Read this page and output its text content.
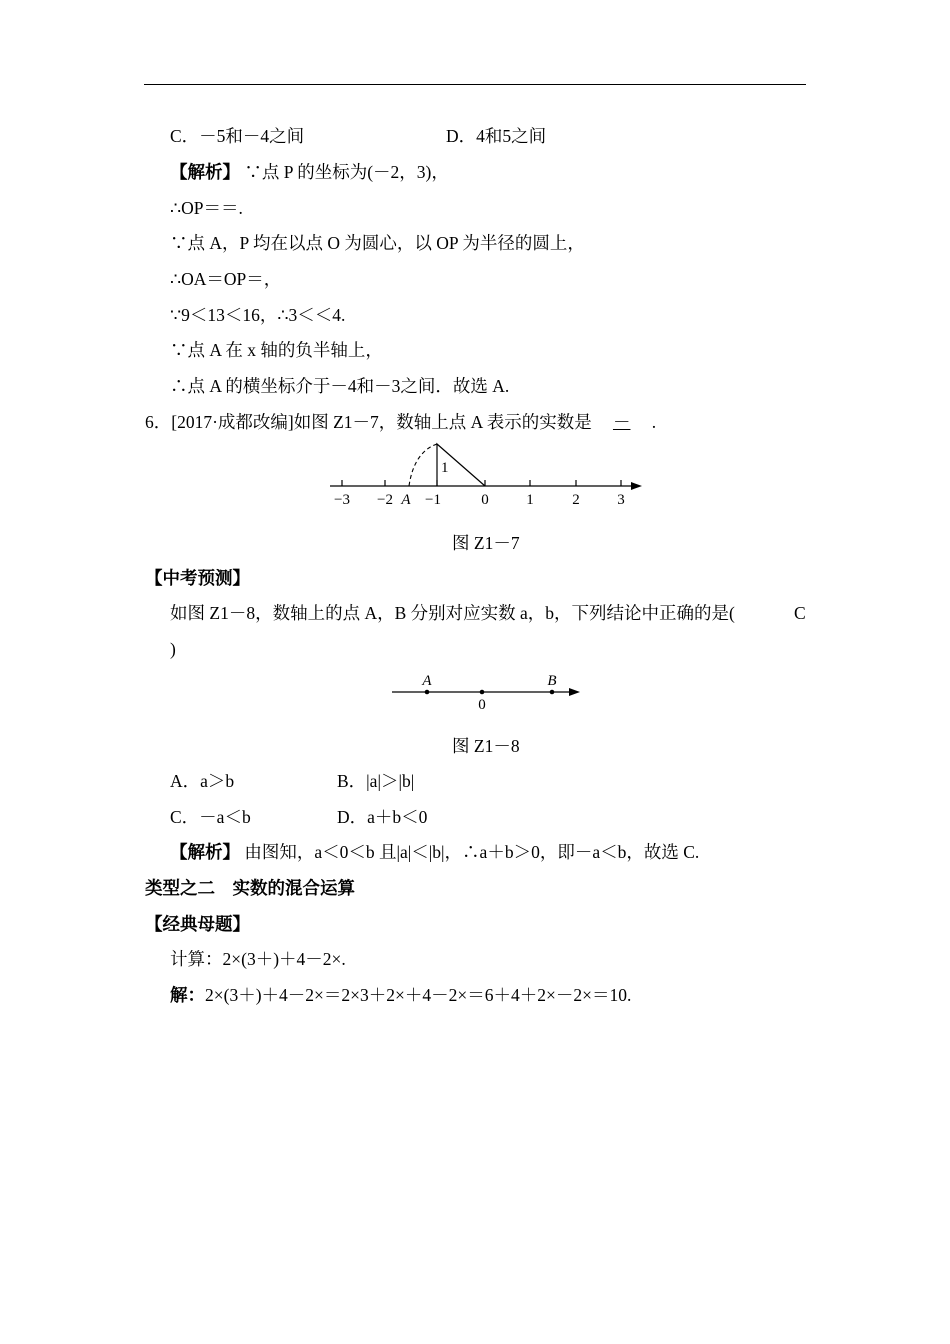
C．－5和－4之间	D．4和5之间
【解析】 ∵点 P 的坐标为(－2，3)，
∴OP＝＝.
∵点 A，P 均在以点 O 为圆心，以 OP 为半径的圆上，
∴OA＝OP＝，
∵9＜13＜16，∴3＜＜4.
∵点 A 在 x 轴的负半轴上，
∴点 A 的横坐标介于－4和－3之间．故选 A.
6．[2017·成都改编]如图 Z1－7，数轴上点 A 表示的实数是 － .
1
−3 −2 A −1	0	1	2	3
图 Z1－7
【中考预测】
如图 Z1－8，数轴上的点 A，B 分别对应实数 a，b，下列结论中正确的是(	C
)
A	B
0
图 Z1－8
A．a＞b	B．|a|＞|b|
C．－a＜b	D．a＋b＜0
【解析】 由图知，a＜0＜b 且|a|＜|b|，∴a＋b＞0，即－a＜b，故选 C.
类型之二　实数的混合运算
【经典母题】
计算：2×(3＋)＋4－2×.
解：2×(3＋)＋4－2×＝2×3＋2×＋4－2×＝6＋4＋2×－2×＝10.
